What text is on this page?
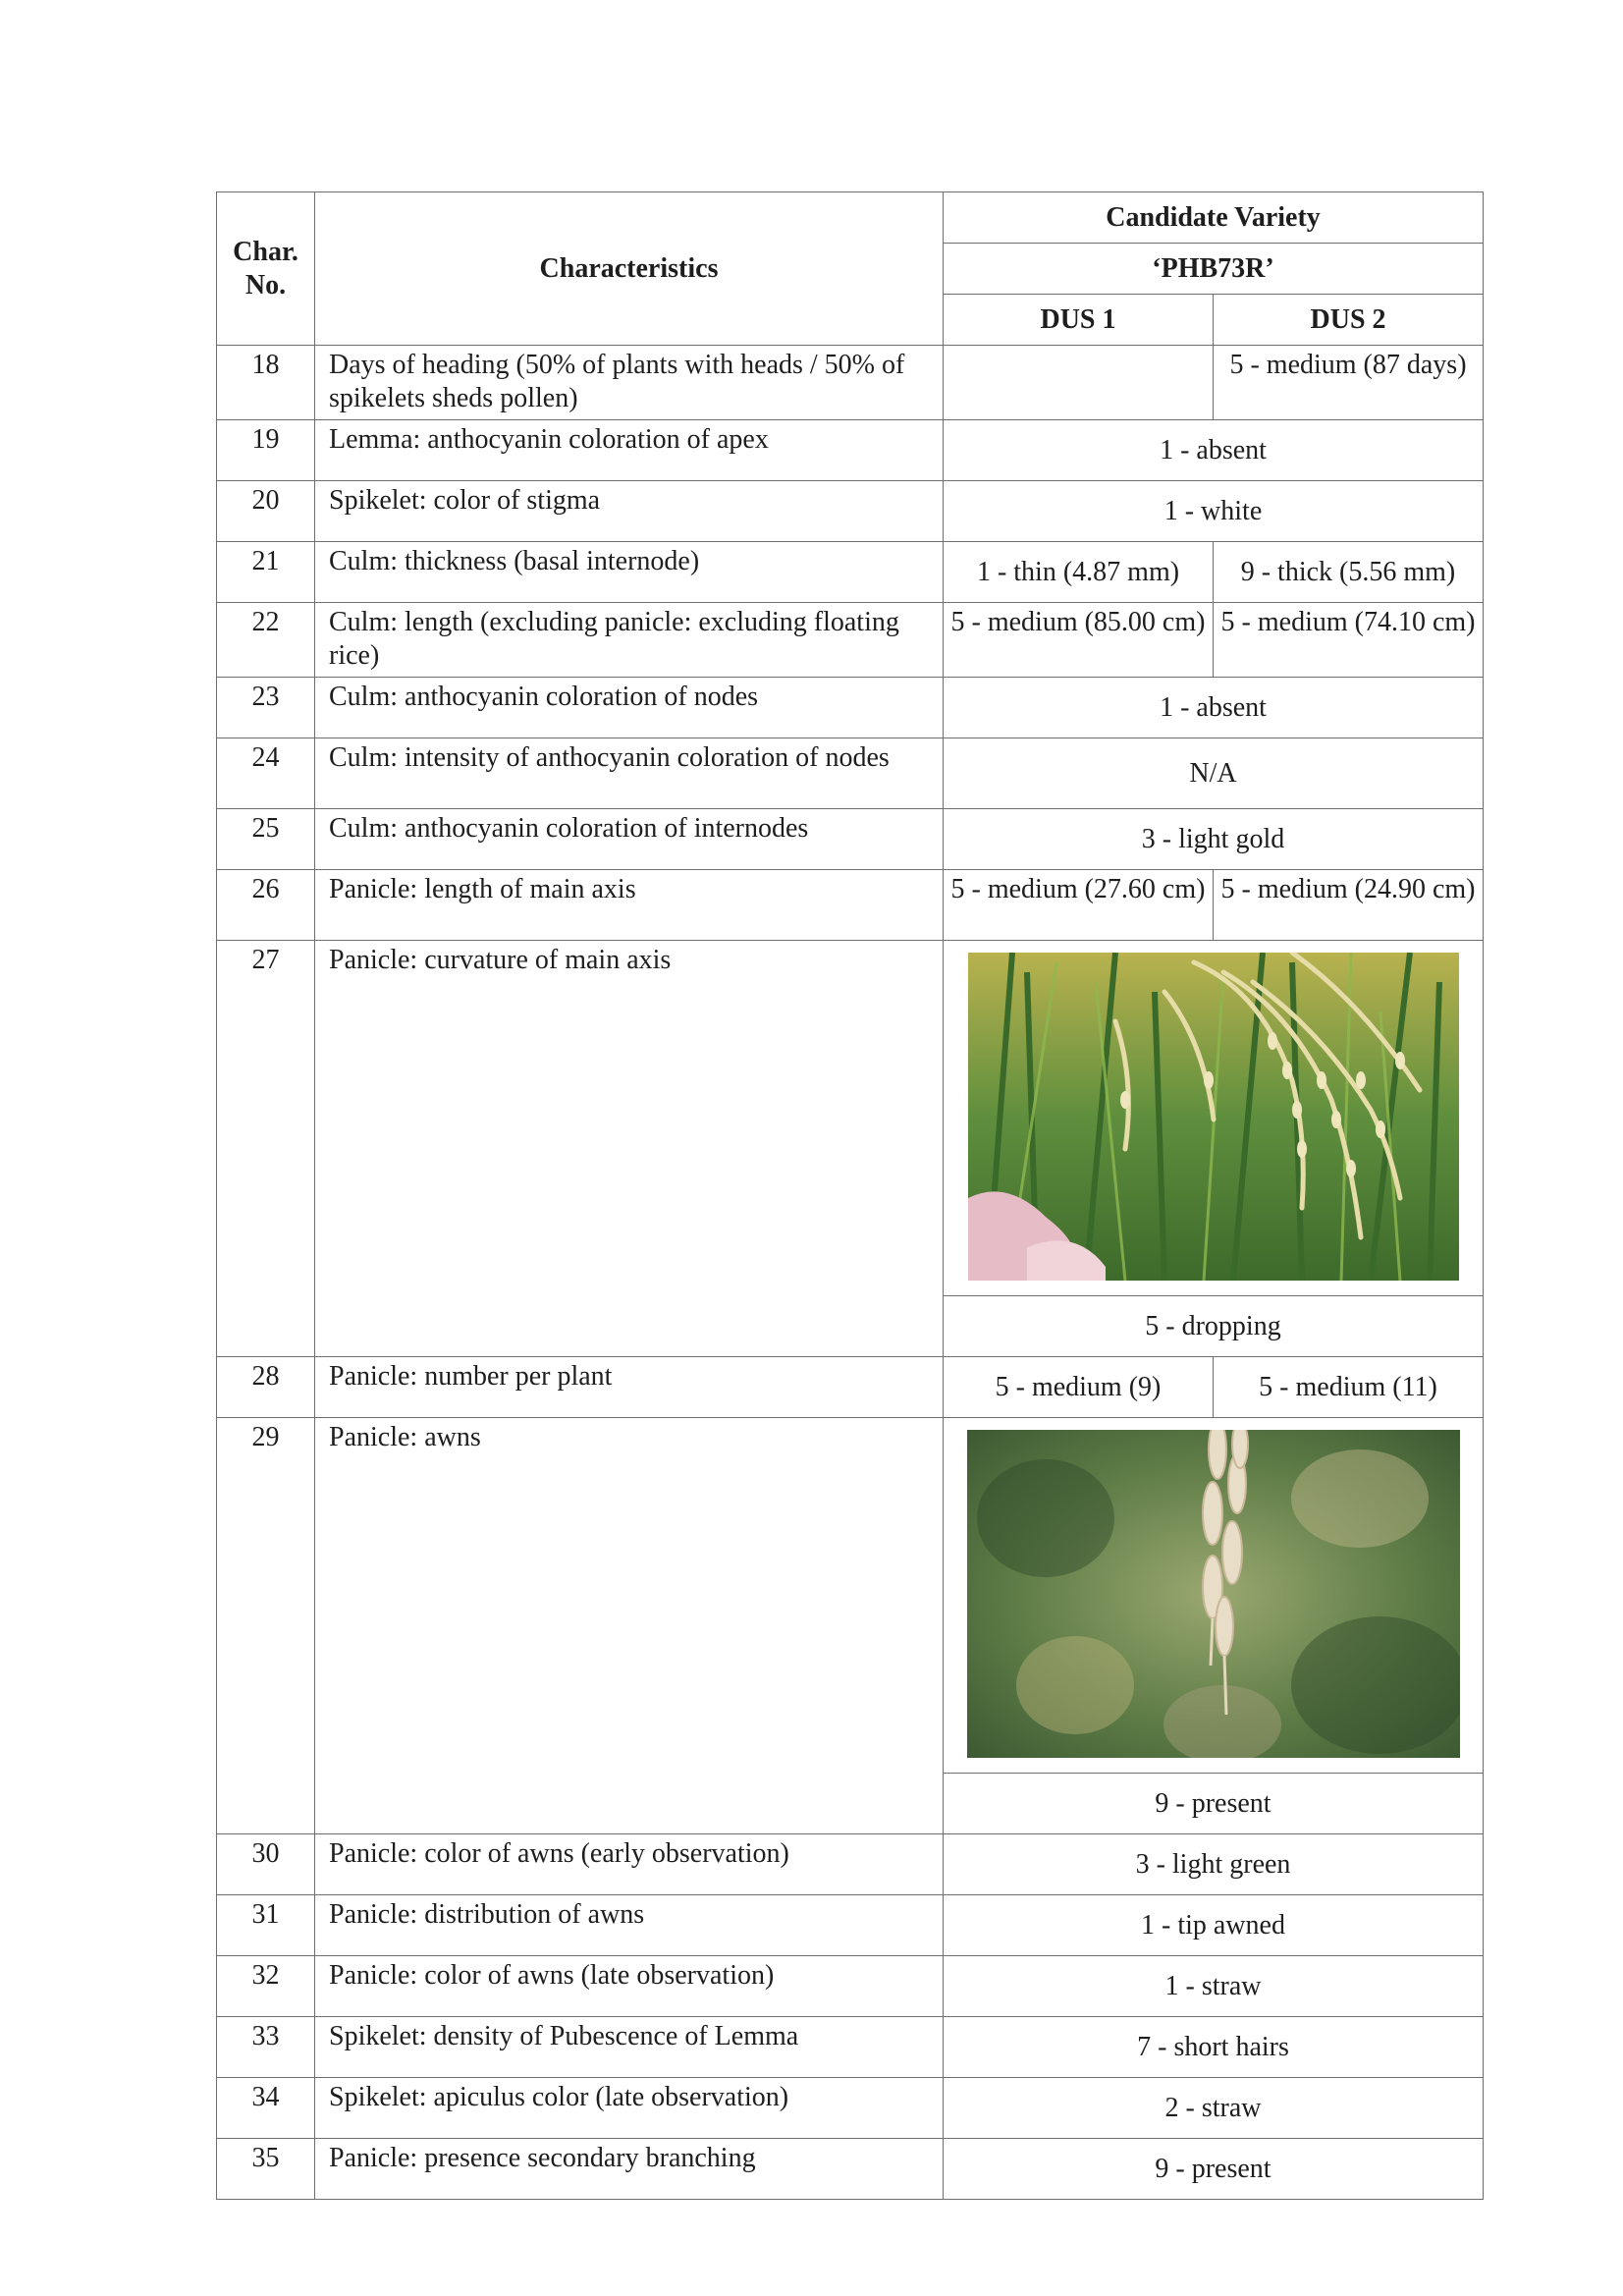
Char. No.	Characteristics	Candidate Variety	
		‘PHB73R’	
		DUS 1	DUS 2
18	Days of heading (50% of plants with heads / 50% of spikelets sheds pollen)		5 - medium (87 days)
19	Lemma: anthocyanin coloration of apex	1 - absent	
20	Spikelet: color of stigma	1 - white	
21	Culm: thickness (basal internode)	1 - thin (4.87 mm)	9 - thick (5.56 mm)
22	Culm: length (excluding panicle: excluding floating rice)	5 - medium (85.00 cm)	5 - medium (74.10 cm)
23	Culm: anthocyanin coloration of nodes	1 - absent	
24	Culm: intensity of anthocyanin coloration of nodes	N/A	
25	Culm: anthocyanin coloration of internodes	3 - light gold	
26	Panicle: length of main axis	5 - medium (27.60 cm)	5 - medium (24.90 cm)
27	Panicle: curvature of main axis	

		5 - dropping	
28	Panicle: number per plant	5 - medium (9)	5 - medium (11)
29	Panicle: awns	

		9 - present	
30	Panicle: color of awns (early observation)	3 - light green	
31	Panicle: distribution of awns	1 - tip awned	
32	Panicle: color of awns (late observation)	1 - straw	
33	Spikelet: density of Pubescence of Lemma	7 - short hairs	
34	Spikelet: apiculus color (late observation)	2 - straw	
35	Panicle: presence secondary branching	9 - present	
